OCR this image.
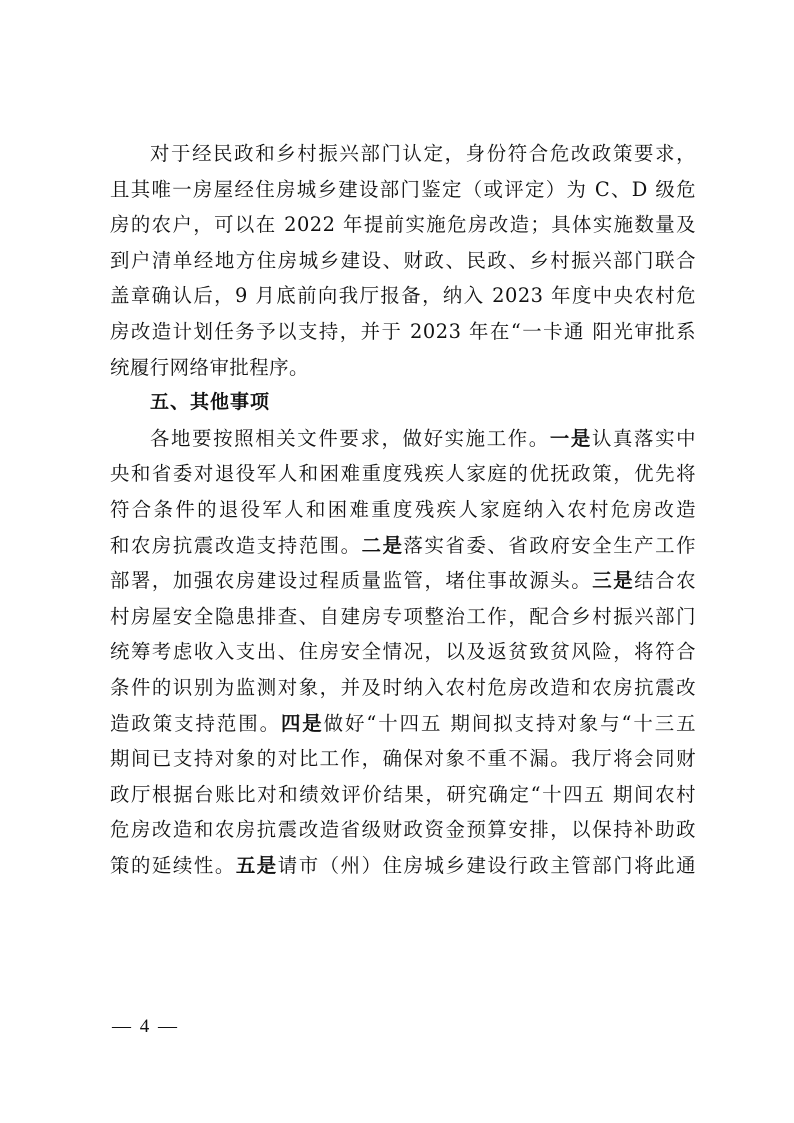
对于经民政和乡村振兴部门认定，身份符合危改政策要求，
且其唯一房屋经住房城乡建设部门鉴定（或评定）为 C、D 级危
房的农户，可以在 2022 年提前实施危房改造；具体实施数量及
到户清单经地方住房城乡建设、财政、民政、乡村振兴部门联合
盖章确认后，9 月底前向我厅报备，纳入 2023 年度中央农村危
房改造计划任务予以支持，并于 2023 年在“一卡通 阳光审批系
统履行网络审批程序。
五、其他事项
各地要按照相关文件要求，做好实施工作。一是认真落实中
央和省委对退役军人和困难重度残疾人家庭的优抚政策，优先将
符合条件的退役军人和困难重度残疾人家庭纳入农村危房改造
和农房抗震改造支持范围。二是落实省委、省政府安全生产工作
部署，加强农房建设过程质量监管，堵住事故源头。三是结合农
村房屋安全隐患排查、自建房专项整治工作，配合乡村振兴部门
统筹考虑收入支出、住房安全情况，以及返贫致贫风险，将符合
条件的识别为监测对象，并及时纳入农村危房改造和农房抗震改
造政策支持范围。四是做好“十四五 期间拟支持对象与“十三五
期间已支持对象的对比工作，确保对象不重不漏。我厅将会同财
政厅根据台账比对和绩效评价结果，研究确定“十四五 期间农村
危房改造和农房抗震改造省级财政资金预算安排，以保持补助政
策的延续性。五是请市（州）住房城乡建设行政主管部门将此通
— 4 —
